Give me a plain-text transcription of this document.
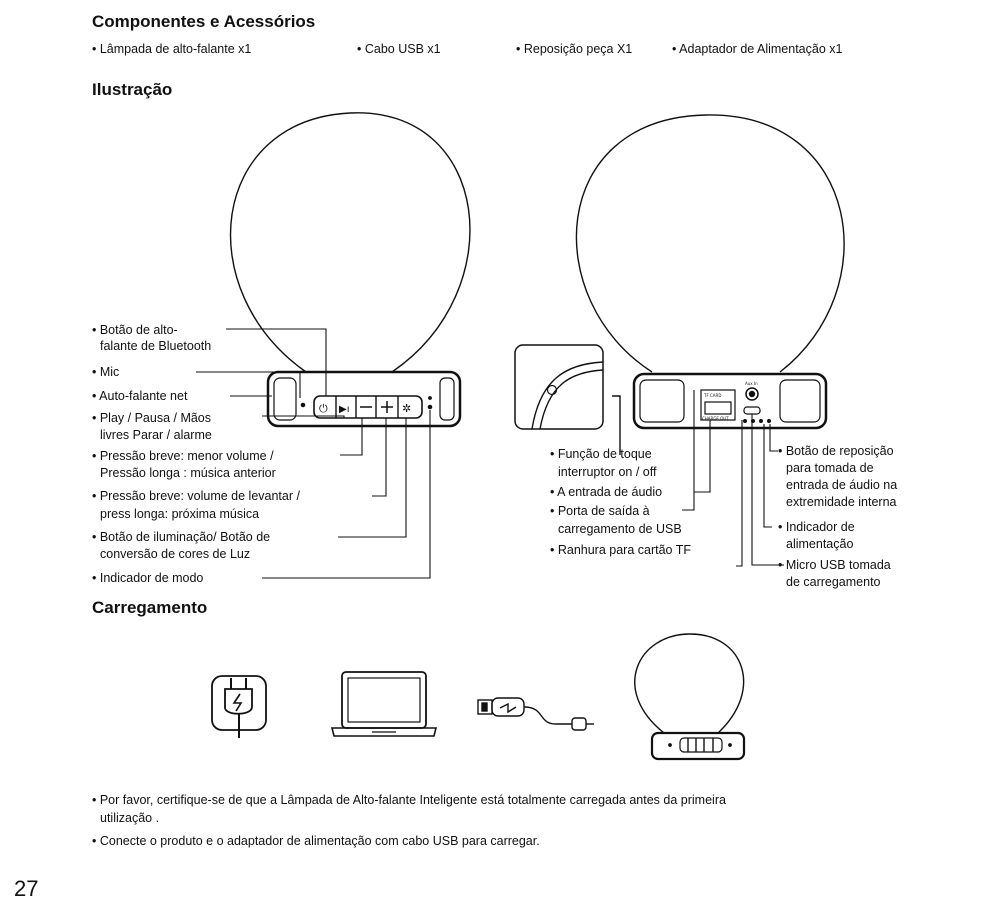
Componentes e Acessórios
• Lâmpada de alto-falante x1	• Cabo USB x1	• Reposição peça X1	• Adaptador de Alimentação x1
Ilustração
⏻ ▶ı	✲
TF CARD
CHARGE OUT
Aux In
• Botão de alto-
falante de Bluetooth
• Mic
• Auto-falante net
• Play / Pausa / Mãos
livres Parar / alarme
• Pressão breve: menor volume /
Pressão longa : música anterior
• Pressão breve: volume de levantar /
press longa: próxima música
• Botão de iluminação/ Botão de
conversão de cores de Luz
• Indicador de modo
• Função de toque
interruptor on / off
• A entrada de áudio
• Porta de saída à
carregamento de USB
• Ranhura para cartão TF
• Botão de reposição
para tomada de
entrada de áudio na
extremidade interna
• Indicador de
alimentação
• Micro USB tomada
de carregamento
Carregamento
• Por favor, certifique-se de que a Lâmpada de Alto-falante Inteligente está totalmente carregada antes da primeira
utilização .
• Conecte o produto e o adaptador de alimentação com cabo USB para carregar.
27
